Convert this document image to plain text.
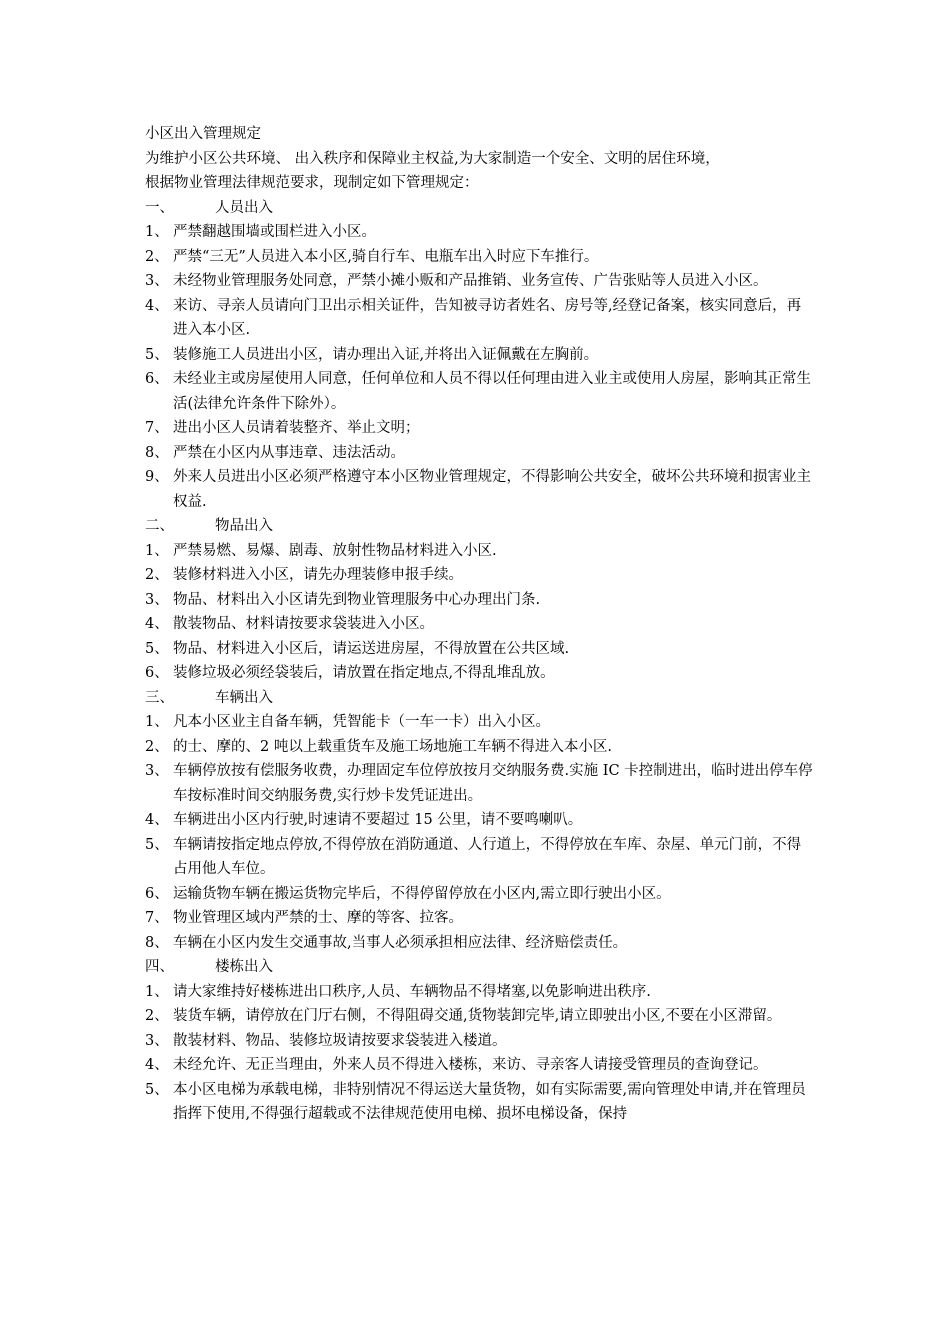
小区出入管理规定
为维护小区公共环境、 出入秩序和保障业主权益,为大家制造一个安全、文明的居住环境，
根据物业管理法律规范要求，现制定如下管理规定：
一、	人员出入
1、 严禁翻越围墙或围栏进入小区。
2、 严禁“三无”人员进入本小区,骑自行车、电瓶车出入时应下车推行。
3、 未经物业管理服务处同意，严禁小摊小贩和产品推销、业务宣传、广告张贴等人员进入小区。
4、 来访、寻亲人员请向门卫出示相关证件，告知被寻访者姓名、房号等,经登记备案，核实同意后，再进入本小区.
5、 装修施工人员进出小区，请办理出入证,并将出入证佩戴在左胸前。
6、 未经业主或房屋使用人同意，任何单位和人员不得以任何理由进入业主或使用人房屋，影响其正常生活(法律允许条件下除外）。
7、 进出小区人员请着装整齐、举止文明；
8、 严禁在小区内从事违章、违法活动。
9、 外来人员进出小区必须严格遵守本小区物业管理规定，不得影响公共安全，破坏公共环境和损害业主权益.
二、	物品出入
1、 严禁易燃、易爆、剧毒、放射性物品材料进入小区.
2、 装修材料进入小区，请先办理装修申报手续。
3、 物品、材料出入小区请先到物业管理服务中心办理出门条.
4、 散装物品、材料请按要求袋装进入小区。
5、 物品、材料进入小区后，请运送进房屋，不得放置在公共区域.
6、 装修垃圾必须经袋装后，请放置在指定地点,不得乱堆乱放。
三、	车辆出入
1、 凡本小区业主自备车辆，凭智能卡（一车一卡）出入小区。
2、 的士、摩的、2 吨以上载重货车及施工场地施工车辆不得进入本小区.
3、 车辆停放按有偿服务收费，办理固定车位停放按月交纳服务费.实施 IC 卡控制进出，临时进出停车停车按标准时间交纳服务费,实行炒卡发凭证进出。
4、 车辆进出小区内行驶,时速请不要超过 15 公里，请不要鸣喇叭。
5、 车辆请按指定地点停放,不得停放在消防通道、人行道上，不得停放在车库、杂屋、单元门前，不得占用他人车位。
6、 运输货物车辆在搬运货物完毕后，不得停留停放在小区内,需立即行驶出小区。
7、 物业管理区域内严禁的士、摩的等客、拉客。
8、 车辆在小区内发生交通事故,当事人必须承担相应法律、经济赔偿责任。
四、	楼栋出入
1、 请大家维持好楼栋进出口秩序,人员、车辆物品不得堵塞,以免影响进出秩序.
2、 装货车辆，请停放在门厅右侧，不得阻碍交通,货物装卸完毕,请立即驶出小区,不要在小区滞留。
3、 散装材料、物品、装修垃圾请按要求袋装进入楼道。
4、 未经允许、无正当理由，外来人员不得进入楼栋，来访、寻亲客人请接受管理员的查询登记。
5、 本小区电梯为承载电梯，非特别情况不得运送大量货物，如有实际需要,需向管理处申请,并在管理员指挥下使用,不得强行超载或不法律规范使用电梯、损坏电梯设备，保持
